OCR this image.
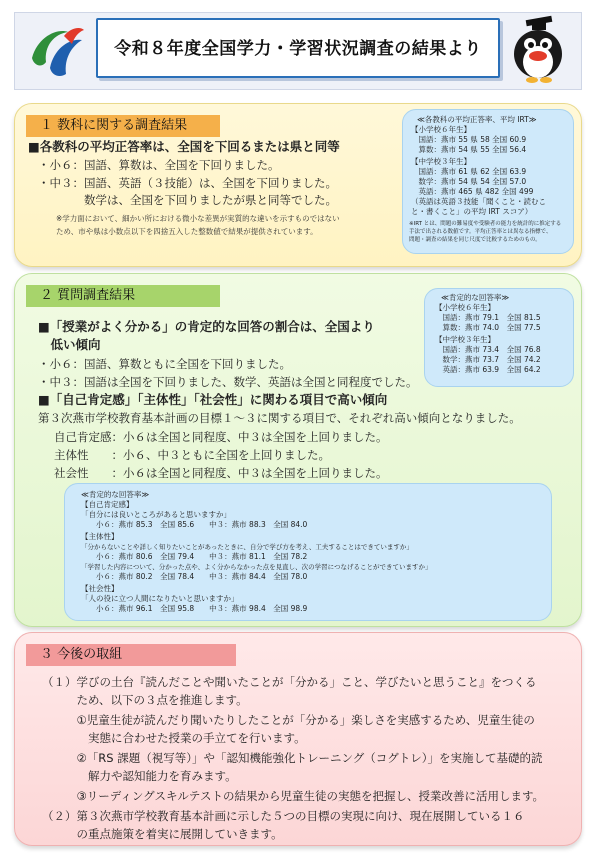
令和８年度全国学力・学習状況調査の結果より
１ 教科に関する調査結果
■各教科の平均正答率は、全国を下回るまたは県と同等
・小６：国語、算数は、全国を下回りました。
・中３：国語、英語（３技能）は、全国を下回りました。
　　　　数学は、全国を下回りましたが県と同等でした。
※学力面において、細かい所における微小な差異が実質的な違いを示すものではない
ため、市や県は小数点以下を四捨五入した整数値で結果が提供されています。
≪各教科の平均正答率、平均 IRT≫
【小学校６年生】
　国語：燕市 55 県 58 全国 60.9
　算数：燕市 54 県 55 全国 56.4
【中学校３年生】
　国語：燕市 61 県 62 全国 63.9
　数学：燕市 54 県 54 全国 57.0
　英語：燕市 465 県 482 全国 499
（英語は英語３技能「聞くこと・読むこ
と・書くこと」の平均 IRT スコア）
※IRT とは、問題の難易度や受験者の能力を統計的に推定する
手法で出される数値です。平均正答率とは異なる指標で、
問題・調査の結果を同じ尺度で比較するためのもの。
２ 質問調査結果
■「授業がよく分かる」の肯定的な回答の割合は、全国より
　低い傾向
・小６：国語、算数ともに全国を下回りました。
・中３：国語は全国を下回りました、数学、英語は全国と同程度でした。
■「自己肯定感」「主体性」「社会性」に関わる項目で高い傾向
第３次燕市学校教育基本計画の目標１～３に関する項目で、それぞれ高い傾向となりました。
自己肯定感：小６は全国と同程度、中３は全国を上回りました。
主体性　　：小６、中３ともに全国を上回りました。
社会性　　：小６は全国と同程度、中３は全国を上回りました。
≪肯定的な回答率≫
【小学校６年生】
　国語：燕市 79.1　全国 81.5
　算数：燕市 74.0　全国 77.5
【中学校３年生】
　国語：燕市 73.4　全国 76.8
　数学：燕市 73.7　全国 74.2
　英語：燕市 63.9　全国 64.2
≪肯定的な回答率≫
【自己肯定感】
「自分には良いところがあると思いますか」
　　小６：燕市 85.3　全国 85.6　　中３：燕市 88.3　全国 84.0
【主体性】
「分からないことや詳しく知りたいことがあったときに、自分で学び方を考え、工夫することはできていますか」
　　小６：燕市 80.6　全国 79.4　　中３：燕市 81.1　全国 78.2
「学習した内容について、分かった点や、よく分からなかった点を見直し、次の学習につなげることができていますか」
　　小６：燕市 80.2　全国 78.4　　中３：燕市 84.4　全国 78.0
【社会性】
「人の役に立つ人間になりたいと思いますか」
　　小６：燕市 96.1　全国 95.8　　中３：燕市 98.4　全国 98.9
３ 今後の取組
（１）学びの土台『読んだことや聞いたことが「分かる」こと、学びたいと思うこと』をつくる
　　　ため、以下の３点を推進します。
　　　①児童生徒が読んだり聞いたりしたことが「分かる」楽しさを実感するため、児童生徒の
　　　　実態に合わせた授業の手立てを行います。
　　　②「RS 課題（視写等）」や「認知機能強化トレーニング（コグトレ）」を実施して基礎的読
　　　　解力や認知能力を育みます。
　　　③リーディングスキルテストの結果から児童生徒の実態を把握し、授業改善に活用します。
（２）第３次燕市学校教育基本計画に示した５つの目標の実現に向け、現在展開している１６
　　　の重点施策を着実に展開していきます。
